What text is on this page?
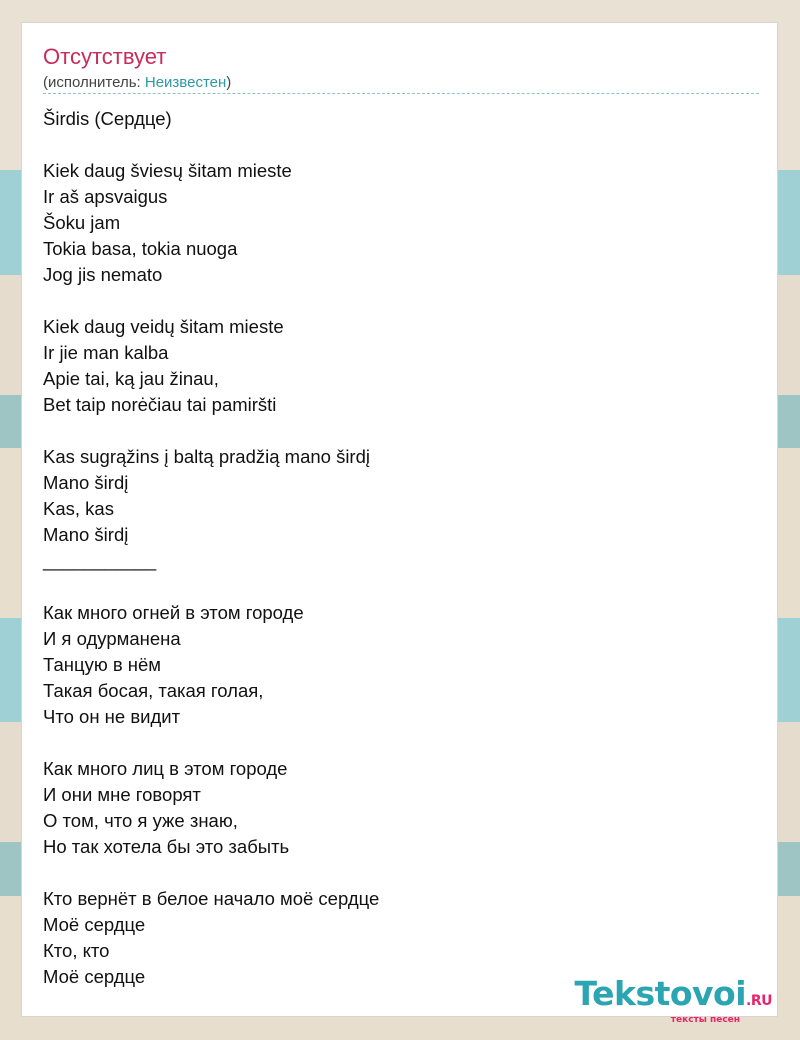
Отсутствует
(исполнитель: Неизвестен)
Širdis (Сердце)
Kiek daug šviesų šitam mieste
Ir aš apsvaigus
Šoku jam
Tokia basa, tokia nuoga
Jog jis nemato
Kiek daug veidų šitam mieste
Ir jie man kalba
Apie tai, ką jau žinau,
Bet taip norėčiau tai pamiršti
Kas sugrąžins į baltą pradžią mano širdį
Mano širdį
Kas, kas
Mano širdį
___________
Как много огней в этом городе
И я одурманена
Танцую в нём
Такая босая, такая голая,
Что он не видит
Как много лиц в этом городе
И они мне говорят
О том, что я уже знаю,
Но так хотела бы это забыть
Кто вернёт в белое начало моё сердце
Моё сердце
Кто, кто
Моё сердце	Tekstovoi.RU
тексты песен
